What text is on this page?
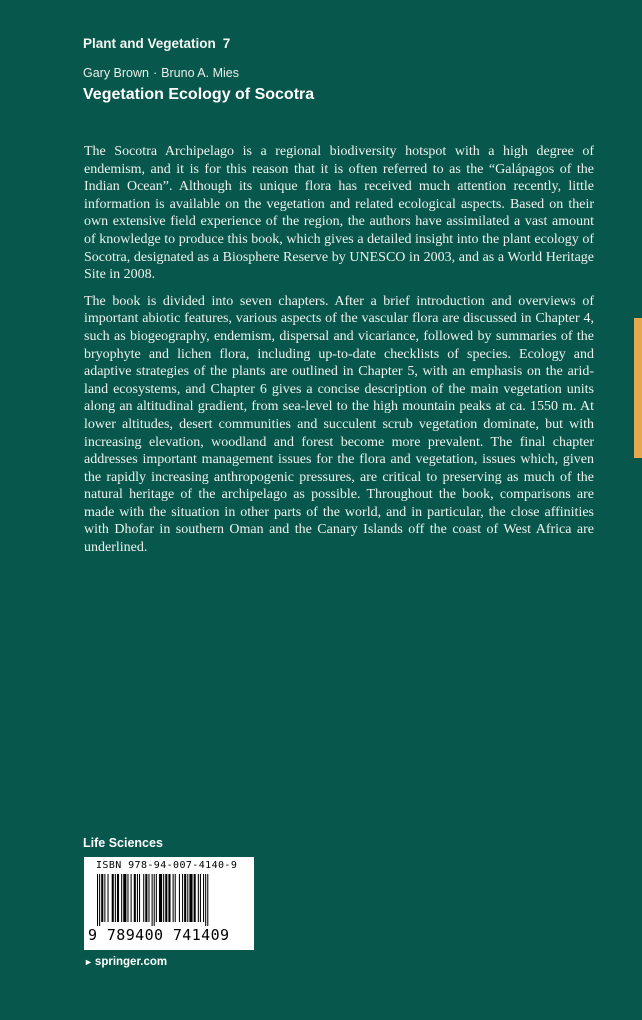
Plant and Vegetation 7
Gary Brown · Bruno A. Mies
Vegetation Ecology of Socotra

The Socotra Archipelago is a regional biodiversity hotspot with a high degree of endemism, and it is for this reason that it is often referred to as the “Galápagos of the Indian Ocean”. Although its unique flora has received much attention recently, little information is available on the vegetation and related ecological aspects. Based on their own extensive field experience of the region, the authors have assimilated a vast amount of knowledge to produce this book, which gives a detailed insight into the plant ecology of Socotra, designated as a Biosphere Reserve by UNESCO in 2003, and as a World Heritage Site in 2008.

The book is divided into seven chapters. After a brief introduction and overviews of important abiotic features, various aspects of the vascular flora are discussed in Chapter 4, such as biogeography, endemism, dispersal and vicariance, followed by summaries of the bryophyte and lichen flora, including up-to-date checklists of species. Ecology and adaptive strategies of the plants are outlined in Chapter 5, with an emphasis on the arid-land ecosystems, and Chapter 6 gives a concise description of the main vegetation units along an altitudinal gradient, from sea-level to the high mountain peaks at ca. 1550 m. At lower altitudes, desert communities and succulent scrub vegetation dominate, but with increasing elevation, woodland and forest become more prevalent. The final chapter addresses important management issues for the flora and vegetation, issues which, given the rapidly increasing anthropogenic pressures, are critical to preserving as much of the natural heritage of the archipelago as possible. Throughout the book, comparisons are made with the situation in other parts of the world, and in particular, the close affinities with Dhofar in southern Oman and the Canary Islands off the coast of West Africa are underlined.

Life Sciences
ISBN 978-94-007-4140-9
9 789400 741409
► springer.com
